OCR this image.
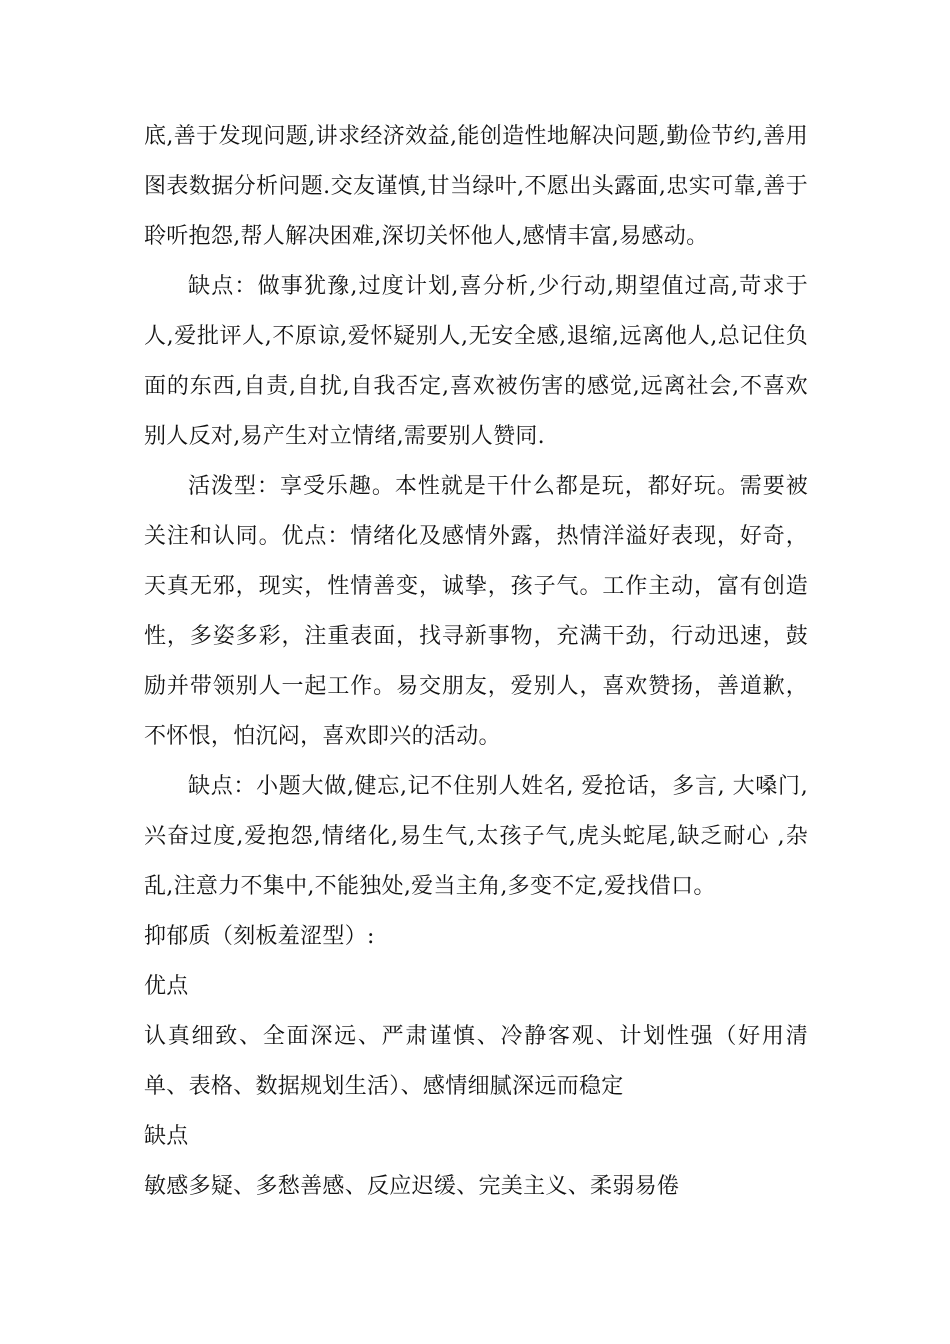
底,善于发现问题,讲求经济效益,能创造性地解决问题,勤俭节约,善用图表数据分析问题.交友谨慎,甘当绿叶,不愿出头露面,忠实可靠,善于聆听抱怨,帮人解决困难,深切关怀他人,感情丰富,易感动。

缺点：做事犹豫,过度计划,喜分析,少行动,期望值过高,苛求于人,爱批评人,不原谅,爱怀疑别人,无安全感,退缩,远离他人,总记住负面的东西,自责,自扰,自我否定,喜欢被伤害的感觉,远离社会,不喜欢别人反对,易产生对立情绪,需要别人赞同.

活泼型：享受乐趣。本性就是干什么都是玩，都好玩。需要被关注和认同。优点：情绪化及感情外露，热情洋溢好表现，好奇，天真无邪，现实，性情善变，诚挚，孩子气。工作主动，富有创造性，多姿多彩，注重表面，找寻新事物，充满干劲，行动迅速，鼓励并带领别人一起工作。易交朋友，爱别人，喜欢赞扬，善道歉，不怀恨，怕沉闷，喜欢即兴的活动。

缺点：小题大做,健忘,记不住别人姓名, 爱抢话，多言, 大嗓门,兴奋过度,爱抱怨,情绪化,易生气,太孩子气,虎头蛇尾,缺乏耐心 ,杂乱,注意力不集中,不能独处,爱当主角,多变不定,爱找借口。

抑郁质（刻板羞涩型）:

优点

认真细致、全面深远、严肃谨慎、冷静客观、计划性强（好用清单、表格、数据规划生活）、感情细腻深远而稳定

缺点

敏感多疑、多愁善感、反应迟缓、完美主义、柔弱易倦
